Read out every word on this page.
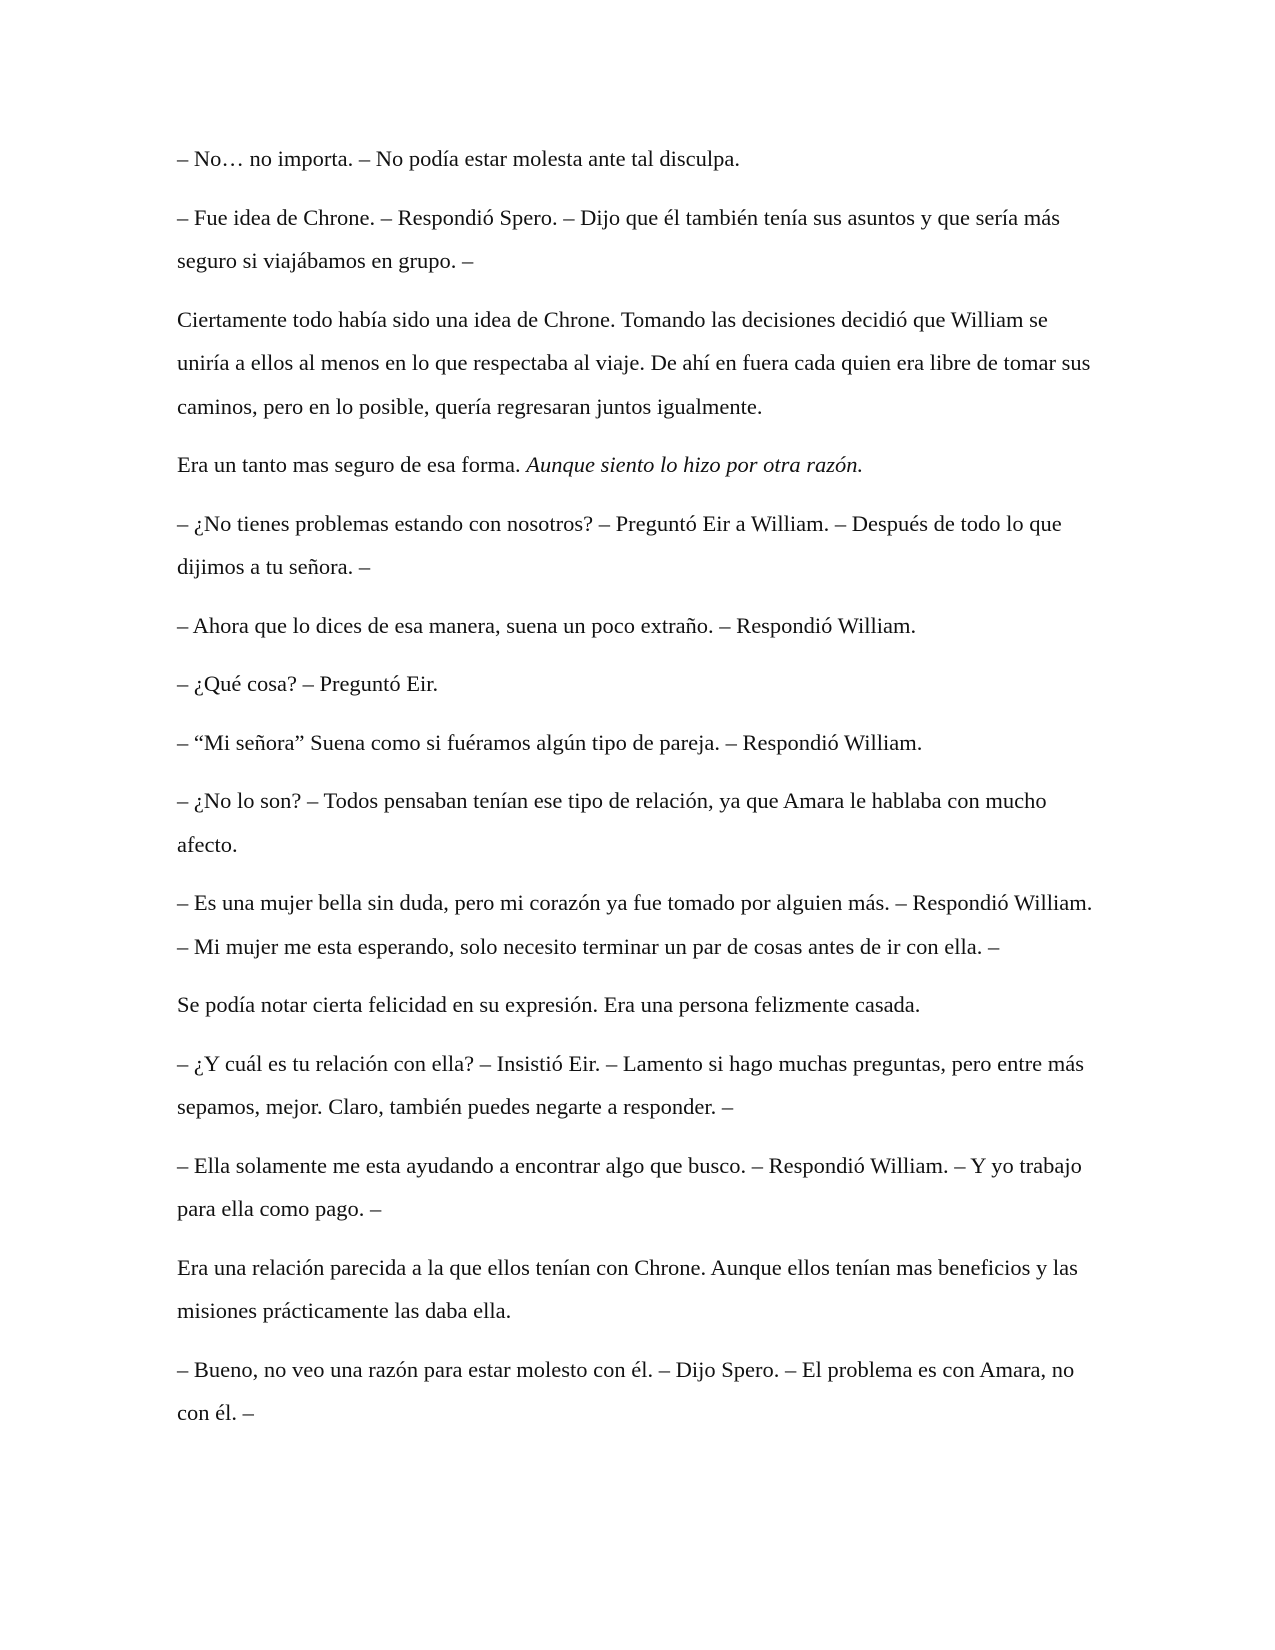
– No… no importa. – No podía estar molesta ante tal disculpa.

– Fue idea de Chrone. – Respondió Spero. – Dijo que él también tenía sus asuntos y que sería más seguro si viajábamos en grupo. –

Ciertamente todo había sido una idea de Chrone. Tomando las decisiones decidió que William se uniría a ellos al menos en lo que respectaba al viaje. De ahí en fuera cada quien era libre de tomar sus caminos, pero en lo posible, quería regresaran juntos igualmente.

Era un tanto mas seguro de esa forma. Aunque siento lo hizo por otra razón.

– ¿No tienes problemas estando con nosotros? – Preguntó Eir a William. – Después de todo lo que dijimos a tu señora. –

– Ahora que lo dices de esa manera, suena un poco extraño. – Respondió William.

– ¿Qué cosa? – Preguntó Eir.

– “Mi señora” Suena como si fuéramos algún tipo de pareja. – Respondió William.

– ¿No lo son? – Todos pensaban tenían ese tipo de relación, ya que Amara le hablaba con mucho afecto.

– Es una mujer bella sin duda, pero mi corazón ya fue tomado por alguien más. – Respondió William. – Mi mujer me esta esperando, solo necesito terminar un par de cosas antes de ir con ella. –

Se podía notar cierta felicidad en su expresión. Era una persona felizmente casada.

– ¿Y cuál es tu relación con ella? – Insistió Eir. – Lamento si hago muchas preguntas, pero entre más sepamos, mejor. Claro, también puedes negarte a responder. –

– Ella solamente me esta ayudando a encontrar algo que busco. – Respondió William. – Y yo trabajo para ella como pago. –

Era una relación parecida a la que ellos tenían con Chrone. Aunque ellos tenían mas beneficios y las misiones prácticamente las daba ella.

– Bueno, no veo una razón para estar molesto con él. – Dijo Spero. – El problema es con Amara, no con él. –
